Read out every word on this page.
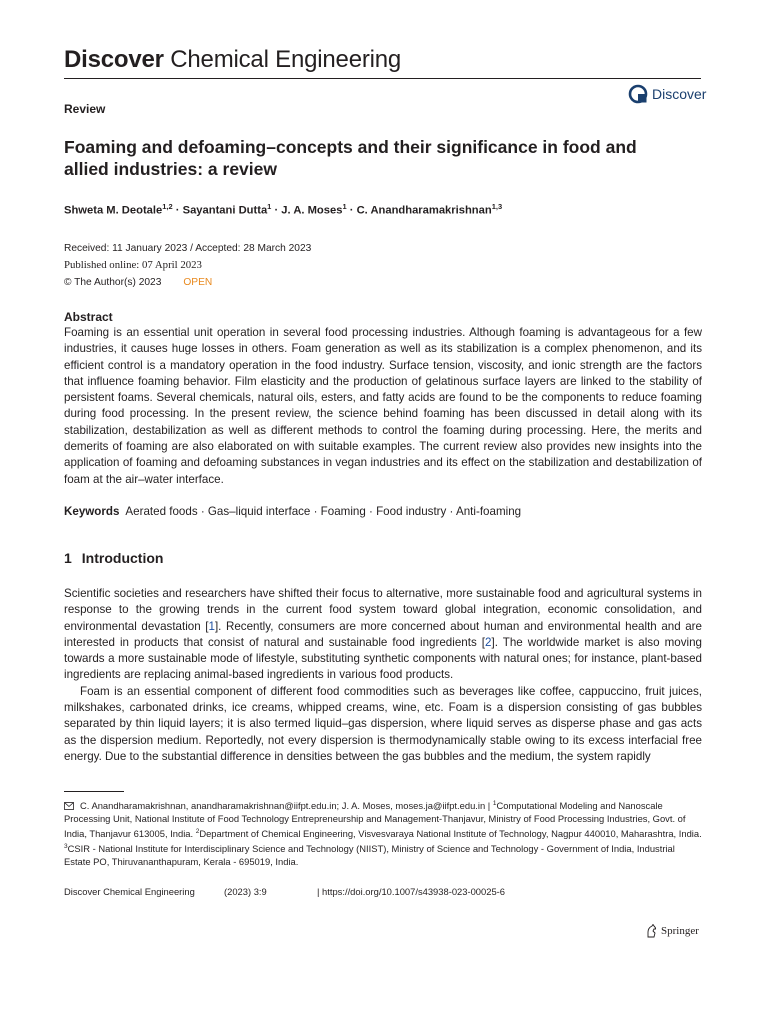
Discover Chemical Engineering
Discover
Review
Foaming and defoaming–concepts and their significance in food and allied industries: a review
Shweta M. Deotale$^{1,2}$ · Sayantani Dutta$^1$ · J. A. Moses$^1$ · C. Anandharamakrishnan$^{1,3}$
Received: 11 January 2023 / Accepted: 28 March 2023
Published online: 07 April 2023
© The Author(s) 2023 OPEN
Abstract
Foaming is an essential unit operation in several food processing industries. Although foaming is advantageous for a few industries, it causes huge losses in others. Foam generation as well as its stabilization is a complex phenomenon, and its efficient control is a mandatory operation in the food industry. Surface tension, viscosity, and ionic strength are the factors that influence foaming behavior. Film elasticity and the production of gelatinous surface layers are linked to the stability of persistent foams. Several chemicals, natural oils, esters, and fatty acids are found to be the components to reduce foaming during food processing. In the present review, the science behind foaming has been discussed in detail along with its stabilization, destabilization as well as different methods to control the foaming during processing. Here, the merits and demerits of foaming are also elaborated on with suitable examples. The current review also provides new insights into the application of foaming and defoaming substances in vegan industries and its effect on the stabilization and destabilization of foam at the air–water interface.
Keywords Aerated foods · Gas–liquid interface · Foaming · Food industry · Anti-foaming
1 Introduction

Scientific societies and researchers have shifted their focus to alternative, more sustainable food and agricultural systems in response to the growing trends in the current food system toward global integration, economic consolidation, and environmental devastation [1]. Recently, consumers are more concerned about human and environmental health and are interested in products that consist of natural and sustainable food ingredients [2]. The worldwide market is also moving towards a more sustainable mode of lifestyle, substituting synthetic components with natural ones; for instance, plant-based ingredients are replacing animal-based ingredients in various food products.

Foam is an essential component of different food commodities such as beverages like coffee, cappuccino, fruit juices, milkshakes, carbonated drinks, ice creams, whipped creams, wine, etc. Foam is a dispersion consisting of gas bubbles separated by thin liquid layers; it is also termed liquid–gas dispersion, where liquid serves as disperse phase and gas acts as the dispersion medium. Reportedly, not every dispersion is thermodynamically stable owing to its excess interfacial free energy. Due to the substantial difference in densities between the gas bubbles and the medium, the system rapidly

C. Anandharamakrishnan, anandharamakrishnan@iifpt.edu.in; J. A. Moses, moses.ja@iifpt.edu.in | $^1$Computational Modeling and Nanoscale Processing Unit, National Institute of Food Technology Entrepreneurship and Management-Thanjavur, Ministry of Food Processing Industries, Govt. of India, Thanjavur 613005, India. $^2$Department of Chemical Engineering, Visvesvaraya National Institute of Technology, Nagpur 440010, Maharashtra, India. $^3$CSIR - National Institute for Interdisciplinary Science and Technology (NIIST), Ministry of Science and Technology - Government of India, Industrial Estate PO, Thiruvananthapuram, Kerala - 695019, India.
Discover Chemical Engineering	(2023) 3:9	| https://doi.org/10.1007/s43938-023-00025-6
Springer
